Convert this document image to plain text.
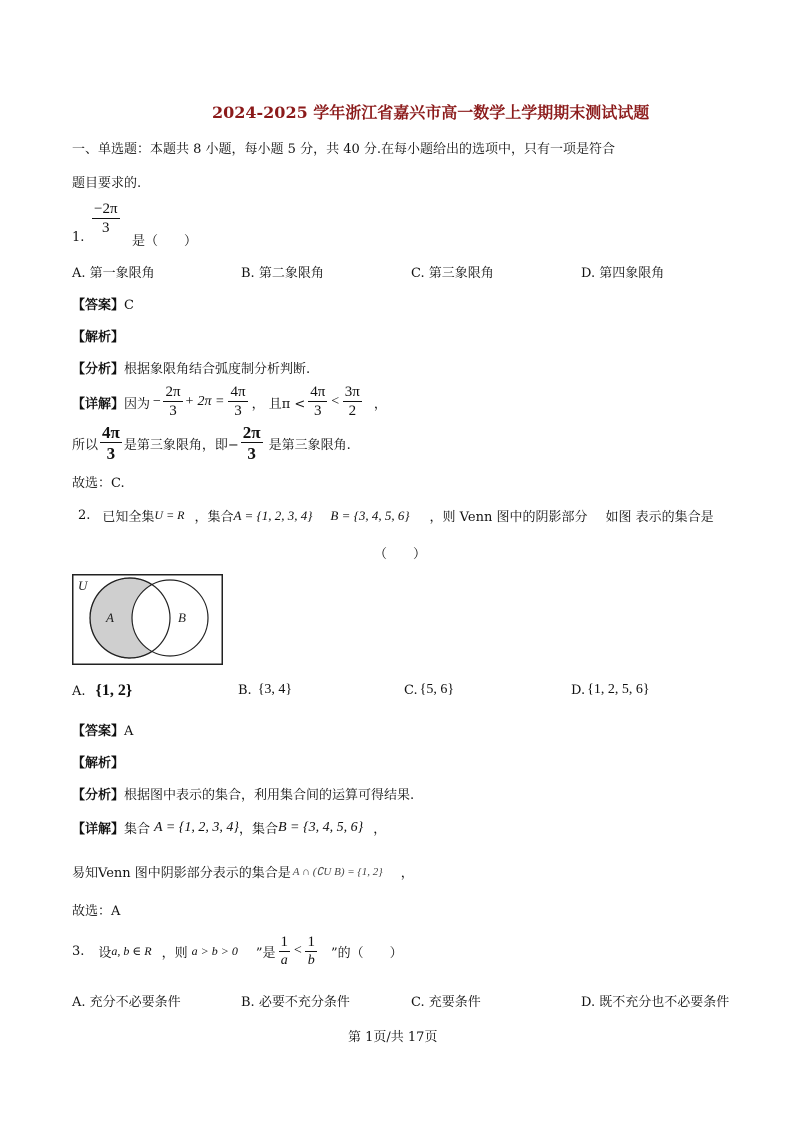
2024-2025 学年浙江省嘉兴市高一数学上学期期末测试试题
一、单选题：本题共 8 小题，每小题 5 分，共 40 分.在每小题给出的选项中，只有一项是符合
题目要求的.
1.
$\frac{- 2\pi}{3}$
是（　　）
A. 第一象限角	B. 第二象限角	C. 第三象限角	D. 第四象限角
【答案】C
【解析】
【分析】根据象限角结合弧度制分析判断.
【详解】 因为 − $\frac{2\pi}{3} + 2\pi = \frac{4\pi}{3}$ ， 且$\pi < \frac{4\pi}{3} < \frac{3\pi}{2}$ ，
所以 $\frac{4\pi}{3}$ 是第三象限角，即− $\frac{2\pi}{3}$ 是第三象限角.
故选：C.
2. 已知全集 U = R ，集合 A = {1, 2, 3, 4} B = {3, 4, 5, 6} ，则 Venn 图中的阴影部分 如图 表示的集合是
（　　）
U
A	B
A. {1, 2}	B. {3, 4}	C. {5, 6}	D. {1, 2, 5, 6}
【答案】A
【解析】
【分析】根据图中表示的集合，利用集合间的运算可得结果.
【详解】 集合 A = {1, 2, 3, 4} ，集合 B = {3, 4, 5, 6} ，
易知Venn 图中阴影部分表示的集合是 A ∩ (∁U B) = {1, 2} ，
故选：A
3. 设 a, b ∈ R ，则 a > b > 0 ”是 $\frac{1}{a} < \frac{1}{b}$ ”的（　　）
A. 充分不必要条件	B. 必要不充分条件	C. 充要条件	D. 既不充分也不必要条件
第 1页/共 17页
